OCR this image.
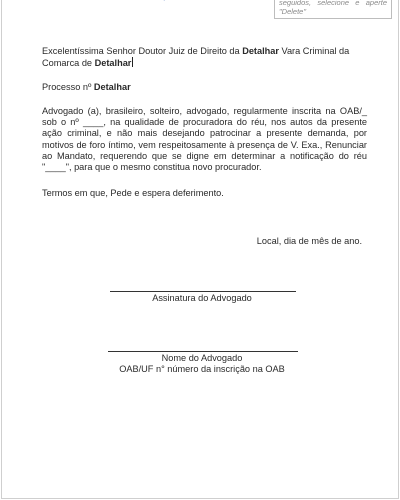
seguidos, selecione e aperte "Delete"
Excelentíssima Senhor Doutor Juiz de Direito da Detalhar Vara Criminal da Comarca de Detalhar
Processo nº Detalhar
Advogado (a), brasileiro, solteiro, advogado, regularmente inscrita na OAB/_ sob o nº ____, na qualidade de procuradora do réu, nos autos da presente ação criminal, e não mais desejando patrocinar a presente demanda, por motivos de foro íntimo, vem respeitosamente à presença de V. Exa., Renunciar ao Mandato, requerendo que se digne em determinar a notificação do réu "____", para que o mesmo constitua novo procurador.
Termos em que, Pede e espera deferimento.
Local, dia de mês de ano.
Assinatura do Advogado
Nome do Advogado
OAB/UF n° número da inscrição na OAB
